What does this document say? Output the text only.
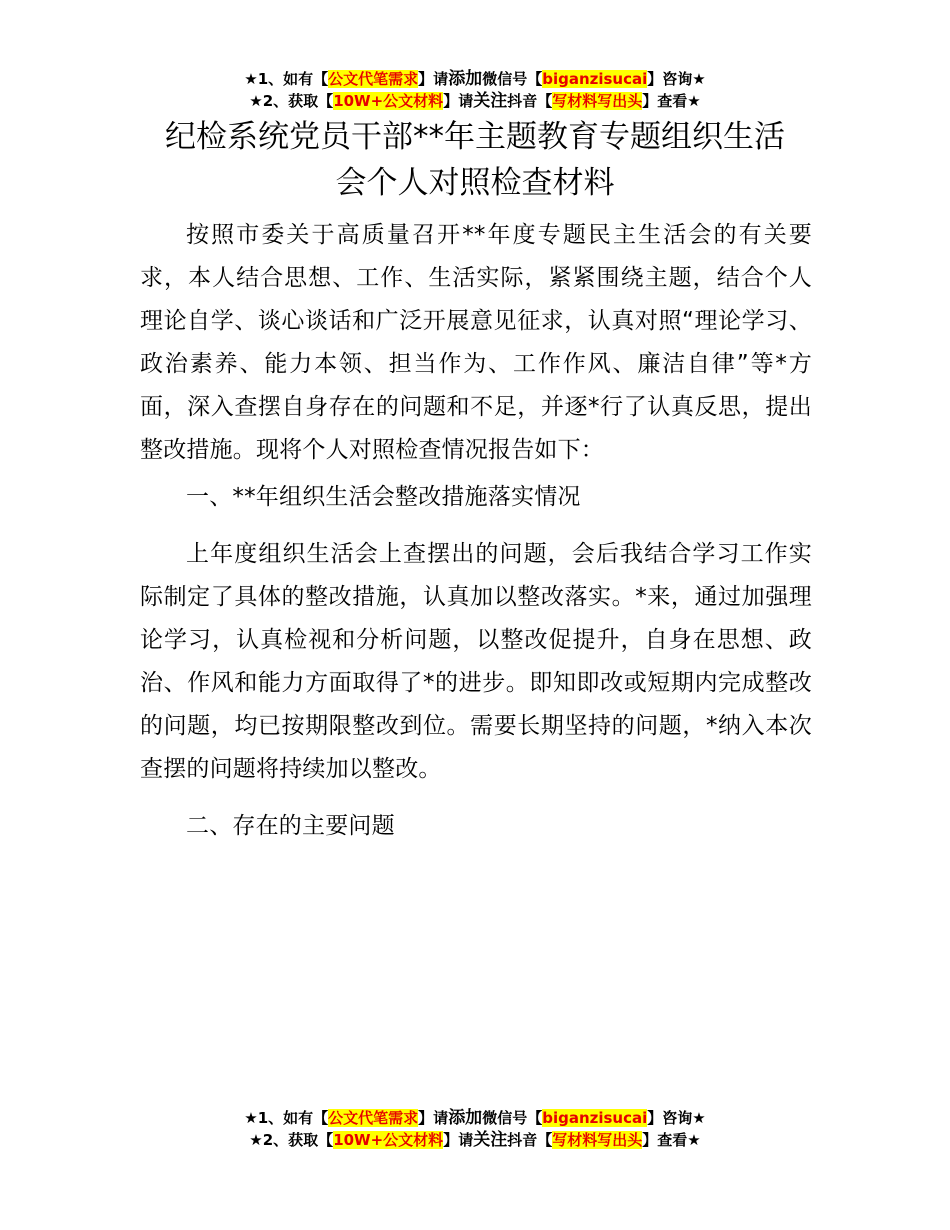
★1、如有【公文代笔需求】请添加微信号【biganzisucai】咨询★
★2、获取【10W+公文材料】请关注抖音【写材料写出头】查看★
纪检系统党员干部**年主题教育专题组织生活
会个人对照检查材料

按照市委关于高质量召开**年度专题民主生活会的有关要求，本人结合思想、工作、生活实际，紧紧围绕主题，结合个人理论自学、谈心谈话和广泛开展意见征求，认真对照“理论学习、政治素养、能力本领、担当作为、工作作风、廉洁自律”等*方面，深入查摆自身存在的问题和不足，并逐*行了认真反思，提出整改措施。现将个人对照检查情况报告如下：

一、**年组织生活会整改措施落实情况

上年度组织生活会上查摆出的问题，会后我结合学习工作实际制定了具体的整改措施，认真加以整改落实。*来，通过加强理论学习，认真检视和分析问题，以整改促提升，自身在思想、政治、作风和能力方面取得了*的进步。即知即改或短期内完成整改的问题，均已按期限整改到位。需要长期坚持的问题，*纳入本次查摆的问题将持续加以整改。

二、存在的主要问题

★1、如有【公文代笔需求】请添加微信号【biganzisucai】咨询★
★2、获取【10W+公文材料】请关注抖音【写材料写出头】查看★
